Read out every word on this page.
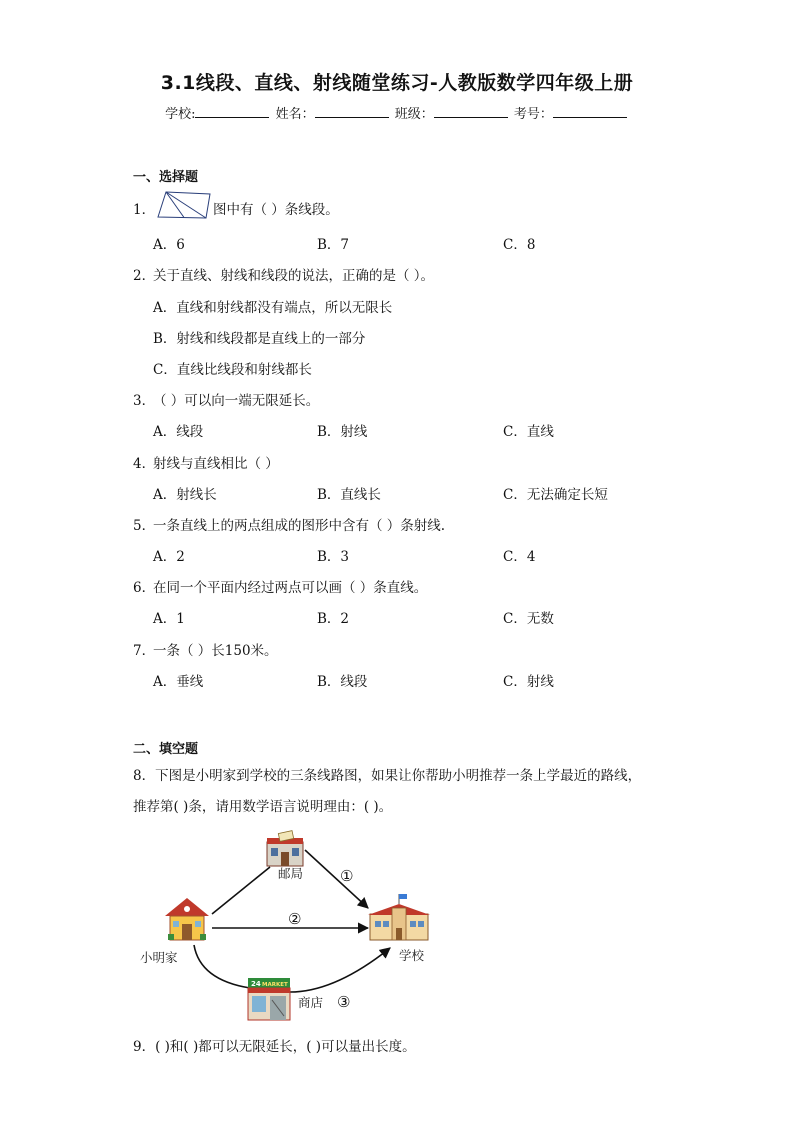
3.1线段、直线、射线随堂练习-人教版数学四年级上册
学校:	姓名：	班级：	考号：
一、选择题
1．	图中有（ ）条线段。
A．6	B．7	C．8
2．
关于直线、射线和线段的说法，正确的是（ ）。
A．直线和射线都没有端点，所以无限长
B．射线和线段都是直线上的一部分
C．直线比线段和射线都长
3．
（ ）可以向一端无限延长。
A．线段	B．射线	C．直线
4．
射线与直线相比（ ）
A．射线长	B．直线长	C．无法确定长短
5．
一条直线上的两点组成的图形中含有（ ）条射线.
A．2	B．3	C．4
6．
在同一个平面内经过两点可以画（ ）条直线。
A．1	B．2	C．无数
7．
一条（ ）长150米。
A．垂线	B．线段	C．射线
二、填空题
8．下图是小明家到学校的三条线路图，如果让你帮助小明推荐一条上学最近的路线，
推荐第( )条，请用数学语言说明理由：( )。
邮局
小明家	学校
24 MARKET
商店
①
②
③
9．( )和( )都可以无限延长，( )可以量出长度。
